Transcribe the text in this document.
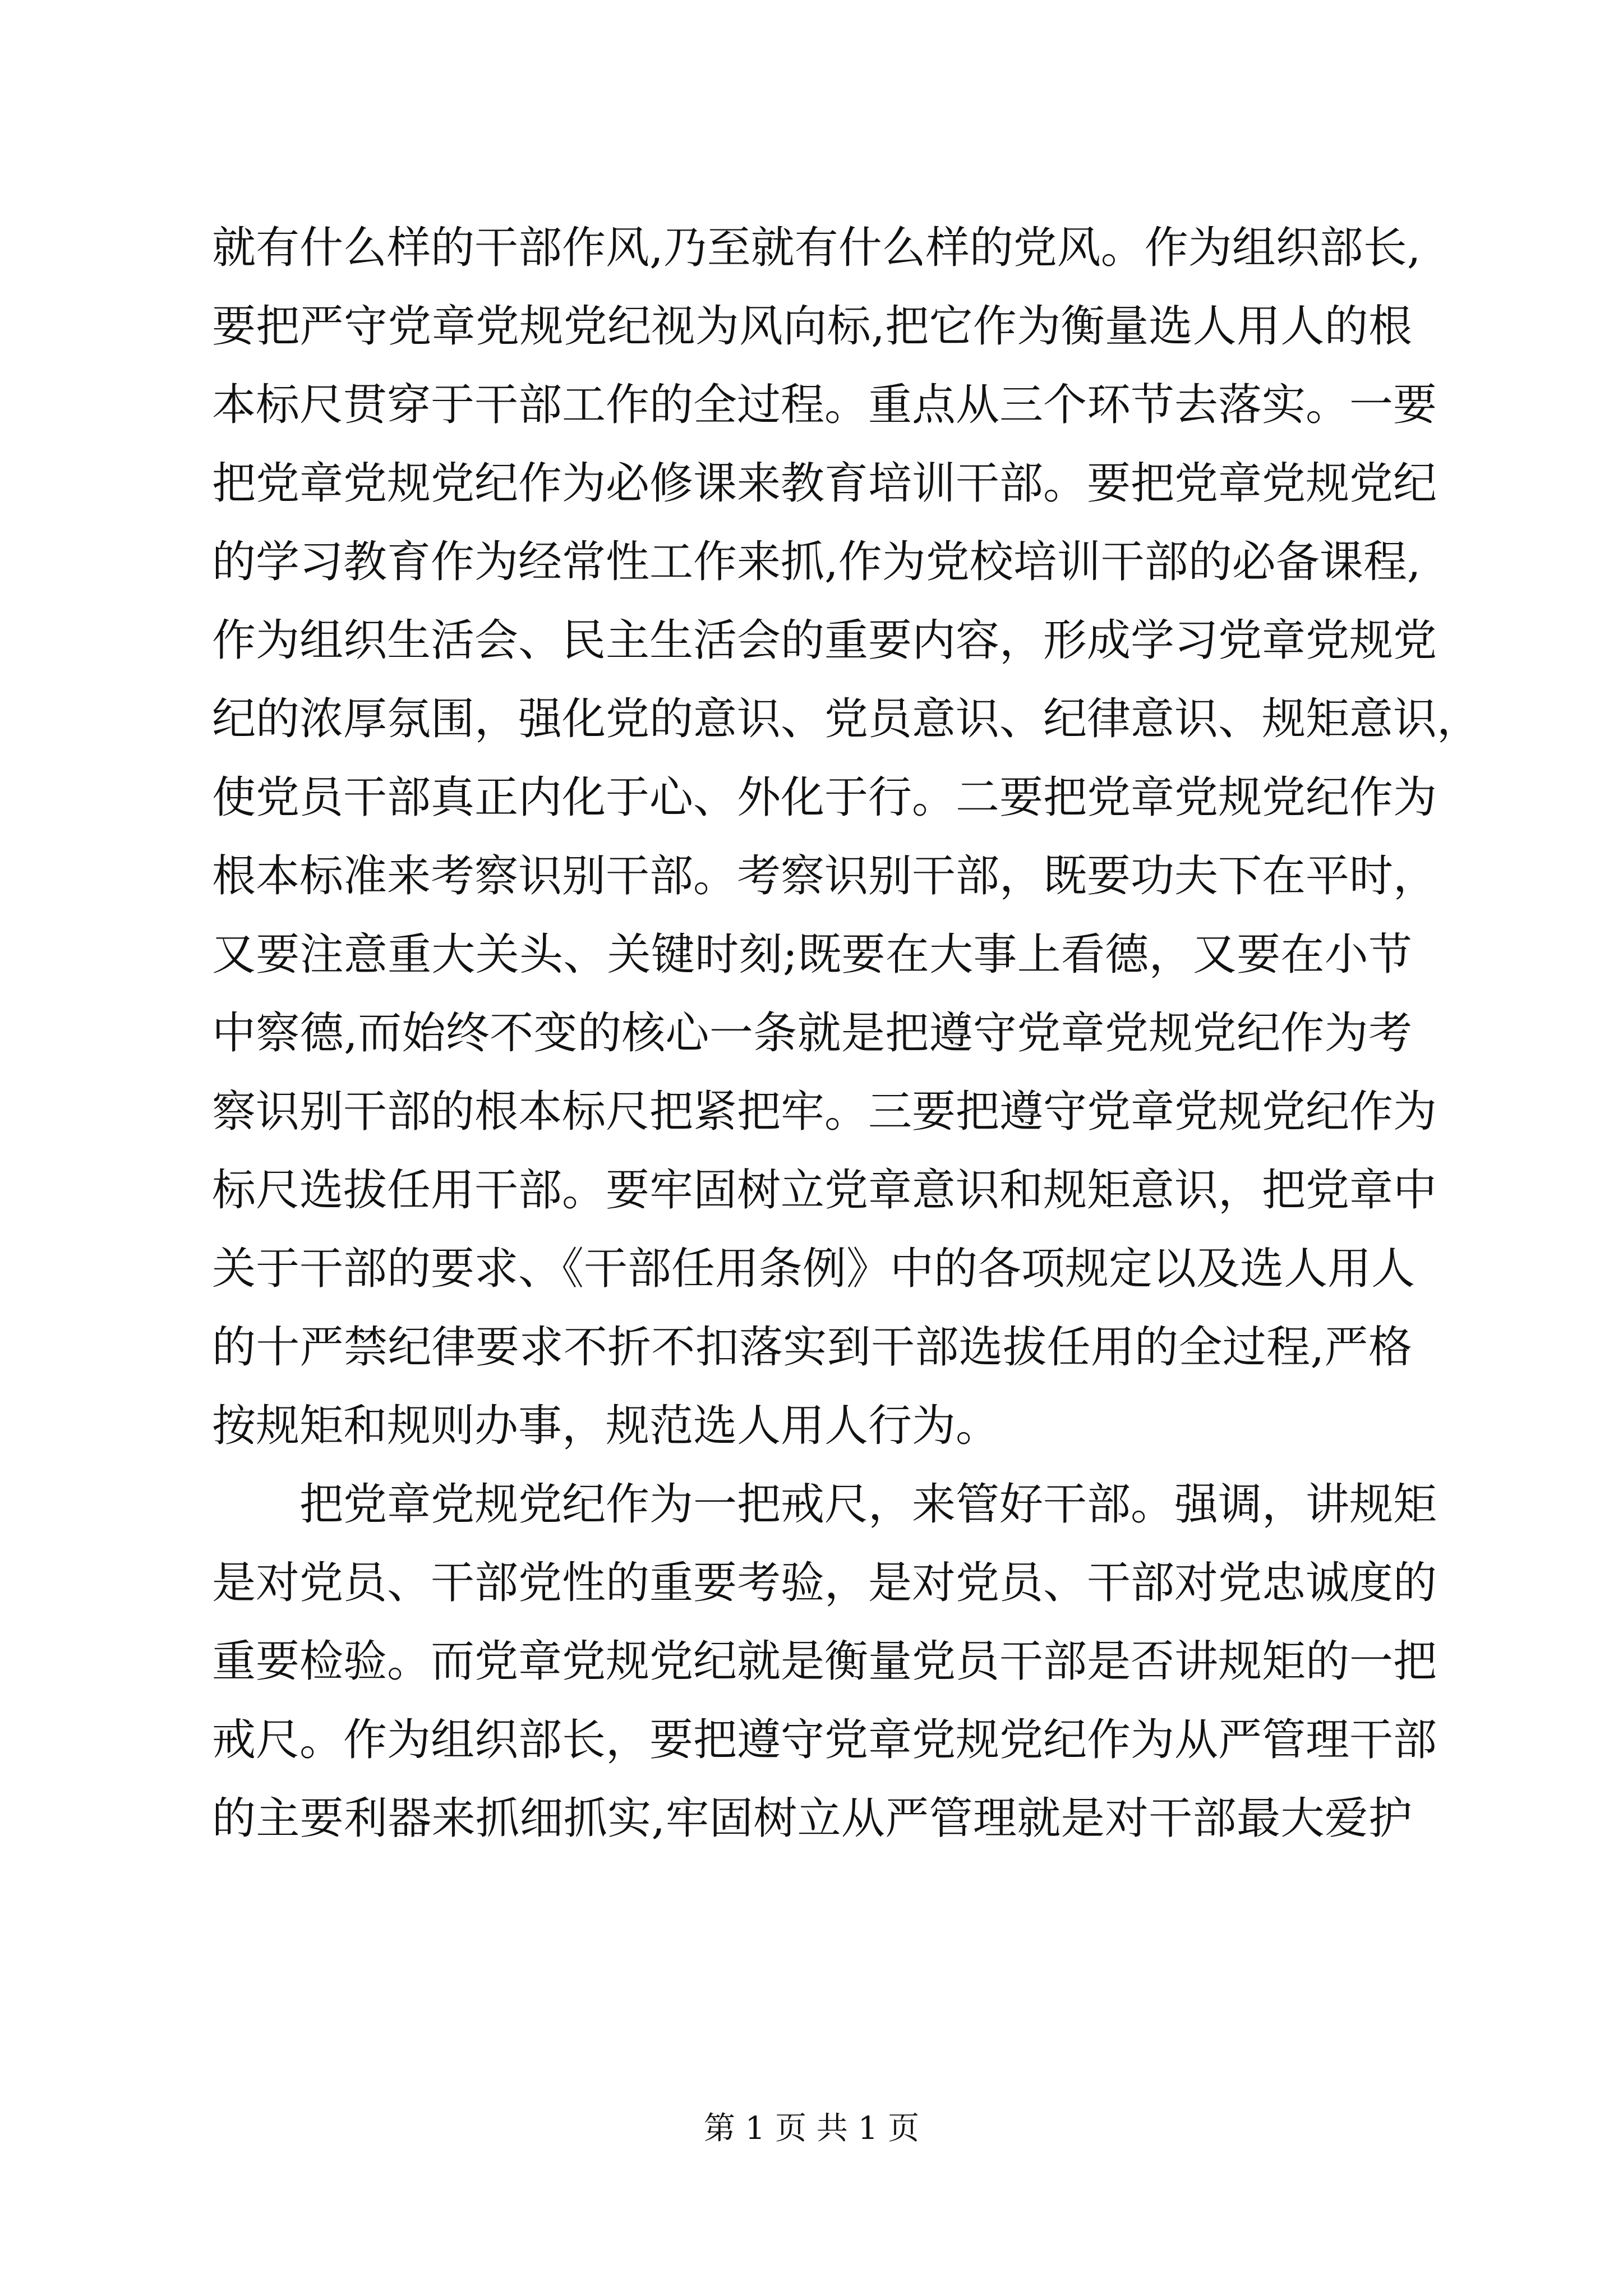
就有什么样的干部作风,乃至就有什么样的党风。作为组织部长,
要把严守党章党规党纪视为风向标,把它作为衡量选人用人的根
本标尺贯穿于干部工作的全过程。重点从三个环节去落实。一要
把党章党规党纪作为必修课来教育培训干部。要把党章党规党纪
的学习教育作为经常性工作来抓,作为党校培训干部的必备课程,
作为组织生活会、民主生活会的重要内容，形成学习党章党规党
纪的浓厚氛围，强化党的意识、党员意识、纪律意识、规矩意识，
使党员干部真正内化于心、外化于行。二要把党章党规党纪作为
根本标准来考察识别干部。考察识别干部，既要功夫下在平时，
又要注意重大关头、关键时刻;既要在大事上看德，又要在小节
中察德,而始终不变的核心一条就是把遵守党章党规党纪作为考
察识别干部的根本标尺把紧把牢。三要把遵守党章党规党纪作为
标尺选拔任用干部。要牢固树立党章意识和规矩意识，把党章中
关于干部的要求、《干部任用条例》中的各项规定以及选人用人
的十严禁纪律要求不折不扣落实到干部选拔任用的全过程,严格
按规矩和规则办事，规范选人用人行为。
把党章党规党纪作为一把戒尺，来管好干部。强调，讲规矩
是对党员、干部党性的重要考验，是对党员、干部对党忠诚度的
重要检验。而党章党规党纪就是衡量党员干部是否讲规矩的一把
戒尺。作为组织部长，要把遵守党章党规党纪作为从严管理干部
的主要利器来抓细抓实,牢固树立从严管理就是对干部最大爱护
第 1 页 共 1 页
